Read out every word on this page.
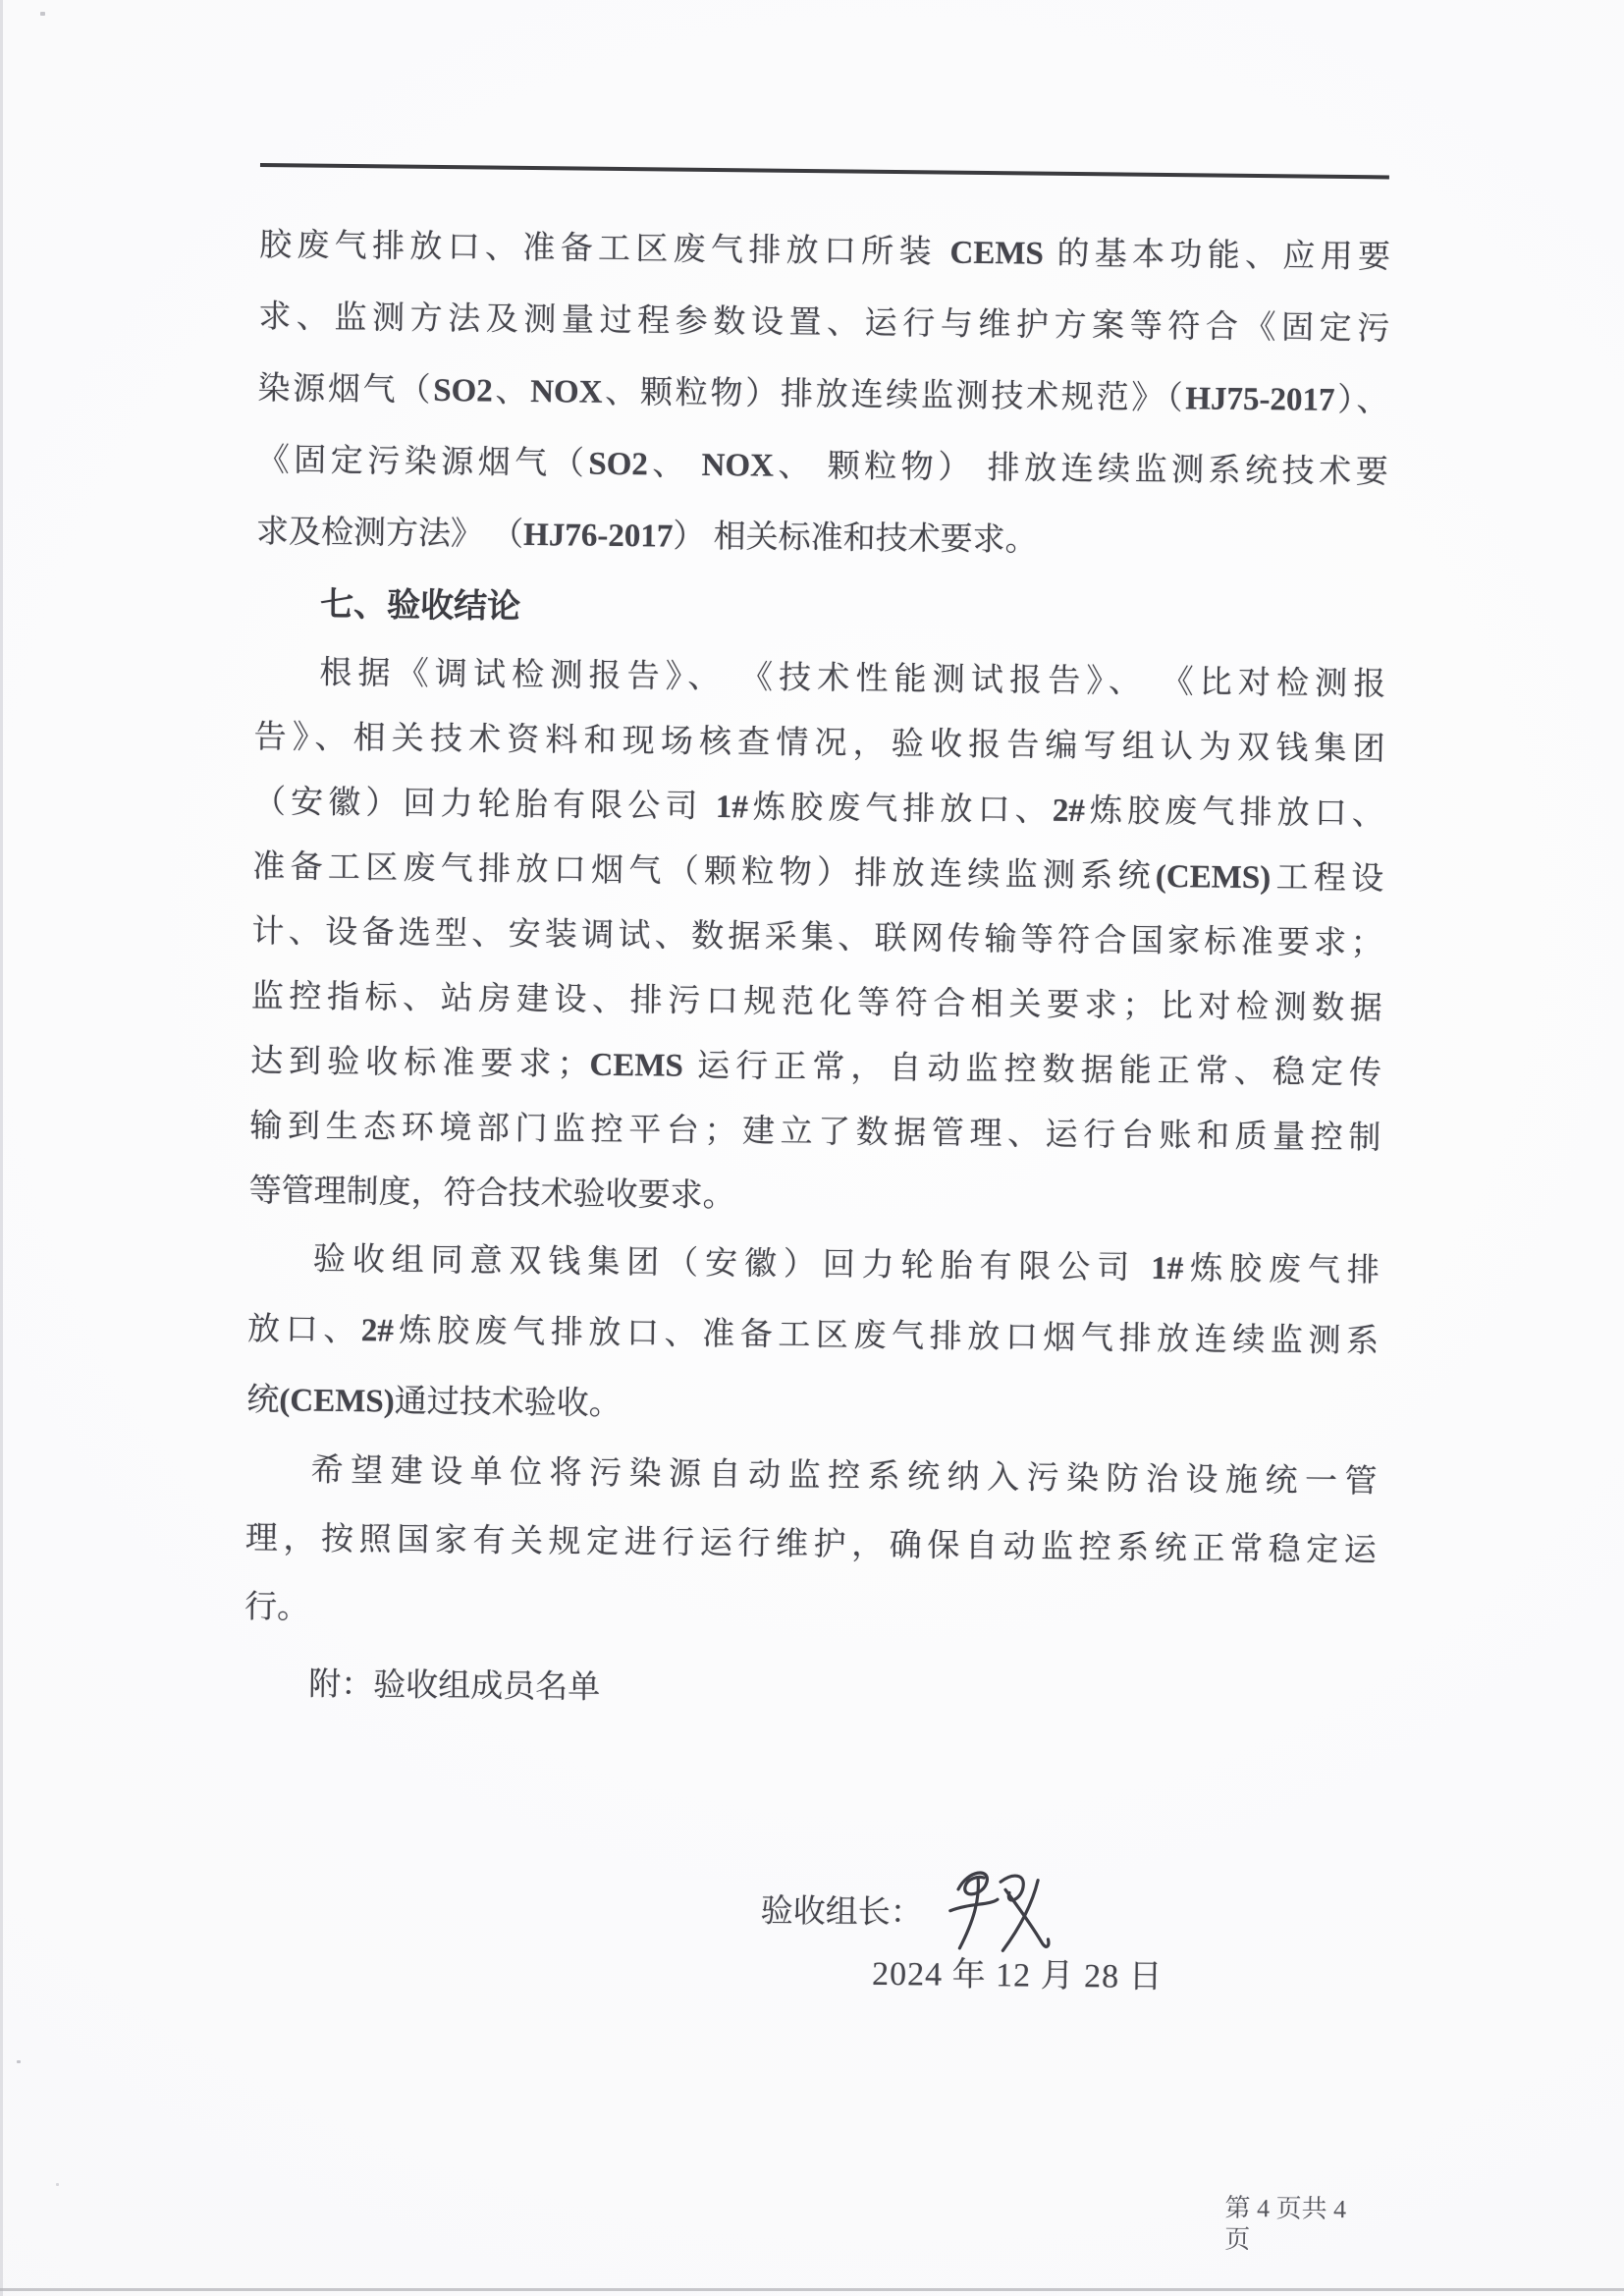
胶废气排放口、准备工区废气排放口所装 CEMS 的基本功能、应用要
求、监测方法及测量过程参数设置、运行与维护方案等符合《固定污
染源烟气（SO2、NOX、颗粒物）排放连续监测技术规范》（HJ75-2017）、
《固定污染源烟气（SO2、 NOX、 颗粒物） 排放连续监测系统技术要
求及检测方法》 （HJ76-2017） 相关标准和技术要求。
七、验收结论
根据《调试检测报告》、 《技术性能测试报告》、 《比对检测报
告》、相关技术资料和现场核查情况，验收报告编写组认为双钱集团
（安徽）回力轮胎有限公司 1#炼胶废气排放口、2#炼胶废气排放口、
准备工区废气排放口烟气（颗粒物）排放连续监测系统(CEMS)工程设
计、设备选型、安装调试、数据采集、联网传输等符合国家标准要求；
监控指标、站房建设、排污口规范化等符合相关要求；比对检测数据
达到验收标准要求；CEMS 运行正常，自动监控数据能正常、稳定传
输到生态环境部门监控平台；建立了数据管理、运行台账和质量控制
等管理制度，符合技术验收要求。
验收组同意双钱集团（安徽）回力轮胎有限公司 1#炼胶废气排
放口、2#炼胶废气排放口、准备工区废气排放口烟气排放连续监测系
统(CEMS)通过技术验收。
希望建设单位将污染源自动监控系统纳入污染防治设施统一管
理，按照国家有关规定进行运行维护，确保自动监控系统正常稳定运
行。
附：验收组成员名单
验收组长：
2024 年 12 月 28 日
第 4 页共 4 页
